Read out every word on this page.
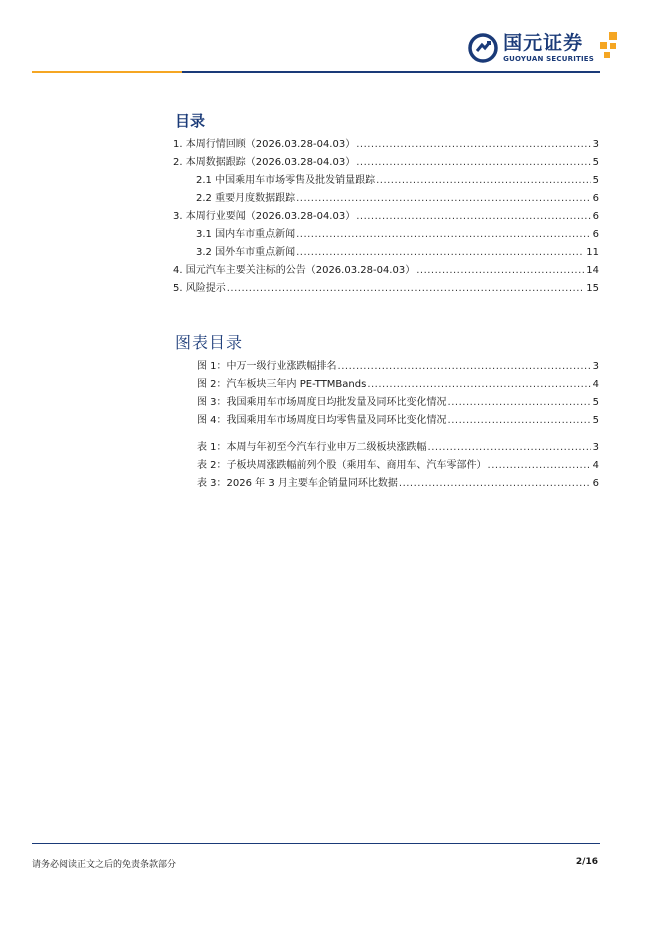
国元证券
GUOYUAN SECURITIES
目录
1. 本周行情回顾（2026.03.28-04.03） .....	3
2. 本周数据跟踪（2026.03.28-04.03） .....	5
2.1 中国乘用车市场零售及批发销量跟踪 .....	5
2.2 重要月度数据跟踪 .....	6
3. 本周行业要闻（2026.03.28-04.03） .....	6
3.1 国内车市重点新闻 .....	6
3.2 国外车市重点新闻 .....	11
4. 国元汽车主要关注标的公告（2026.03.28-04.03） .....	14
5. 风险提示 .....	15
图表目录
图 1：中万一级行业涨跌幅排名 .....	3
图 2：汽车板块三年内 PE-TTMBands .....	4
图 3：我国乘用车市场周度日均批发量及同环比变化情况 .....	5
图 4：我国乘用车市场周度日均零售量及同环比变化情况 .....	5
表 1：本周与年初至今汽车行业申万二级板块涨跌幅 .....	3
表 2：子板块周涨跌幅前列个股（乘用车、商用车、汽车零部件） .....	4
表 3：2026 年 3 月主要车企销量同环比数据 .....	6
请务必阅读正文之后的免责条款部分	2/16
